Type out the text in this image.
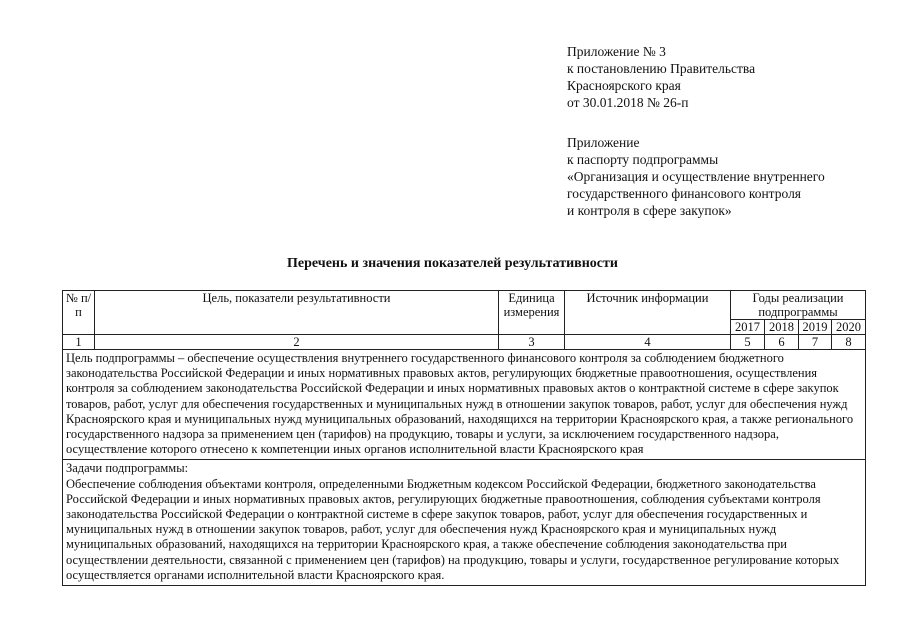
Приложение № 3
к постановлению Правительства
Красноярского края
от 30.01.2018 № 26-п
Приложение
к паспорту подпрограммы
«Организация и осуществление внутреннего
государственного финансового контроля
и контроля в сфере закупок»
Перечень и значения показателей результативности
№ п/п	Цель, показатели результативности	Единица измерения	Источник информации	Годы реализации подпрограммы			
				2017	2018	2019	2020
1	2	3	4	5	6	7	8
Цель подпрограммы – обеспечение осуществления внутреннего государственного финансового контроля за соблюдением бюджетного законодательства Российской Федерации и иных нормативных правовых актов, регулирующих бюджетные правоотношения, осуществления контроля за соблюдением законодательства Российской Федерации и иных нормативных правовых актов о контрактной системе в сфере закупок товаров, работ, услуг для обеспечения государственных и муниципальных нужд в отношении закупок товаров, работ, услуг для обеспечения нужд Красноярского края и муниципальных нужд муниципальных образований, находящихся на территории Красноярского края, а также регионального государственного надзора за применением цен (тарифов) на продукцию, товары и услуги, за исключением государственного надзора, осуществление которого отнесено к компетенции иных органов исполнительной власти Красноярского края							

Задачи подпрограммы:
Обеспечение соблюдения объектами контроля, определенными Бюджетным кодексом Российской Федерации, бюджетного законодательства Российской Федерации и иных нормативных правовых актов, регулирующих бюджетные правоотношения, соблюдения субъектами контроля законодательства Российской Федерации о контрактной системе в сфере закупок товаров, работ, услуг для обеспечения государственных и муниципальных нужд в отношении закупок товаров, работ, услуг для обеспечения нужд Красноярского края и муниципальных нужд муниципальных образований, находящихся на территории Красноярского края, а также обеспечение соблюдения законодательства при осуществлении деятельности, связанной с применением цен (тарифов) на продукцию, товары и услуги, государственное регулирование которых осуществляется органами исполнительной власти Красноярского края.							
